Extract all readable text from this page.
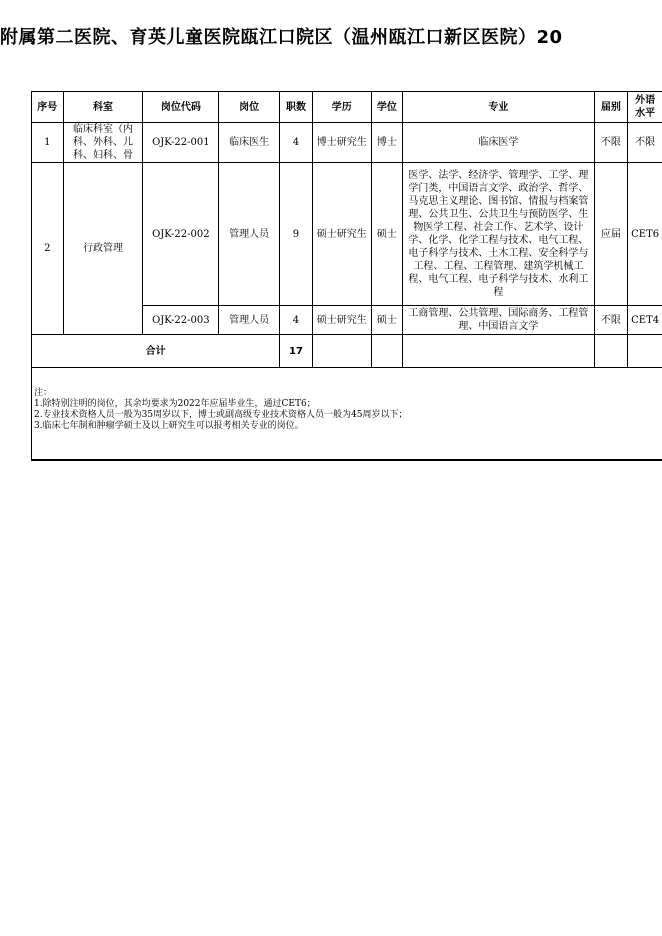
附属第二医院、育英儿童医院瓯江口院区（温州瓯江口新区医院）20
序号	科室	岗位代码	岗位	职数	学历	学位	专业	届别	外语水平
1	临床科室（内科、外科、儿科、妇科、骨	OJK-22-001	临床医生	4	博士研究生	博士	临床医学	不限	不限
2	行政管理	OJK-22-002	管理人员	9	硕士研究生	硕士	医学、法学、经济学、管理学、工学、理学门类，中国语言文学、政治学、哲学、马克思主义理论、图书馆、情报与档案管理、公共卫生、公共卫生与预防医学、生物医学工程、社会工作、艺术学、设计学、化学、化学工程与技术、电气工程、电子科学与技术、土木工程、安全科学与工程、工程、工程管理、建筑学机械工程、电气工程、电子科学与技术、水利工程	应届	CET6
		OJK-22-003	管理人员	4	硕士研究生	硕士	工商管理、公共管理、国际商务、工程管理、中国语言文学	不限	CET4
合计				17					
注：
1.除特别注明的岗位，其余均要求为2022年应届毕业生，通过CET6；
2.专业技术资格人员一般为35周岁以下，博士或副高级专业技术资格人员一般为45周岁以下；
3.临床七年制和肿瘤学硕士及以上研究生可以报考相关专业的岗位。
